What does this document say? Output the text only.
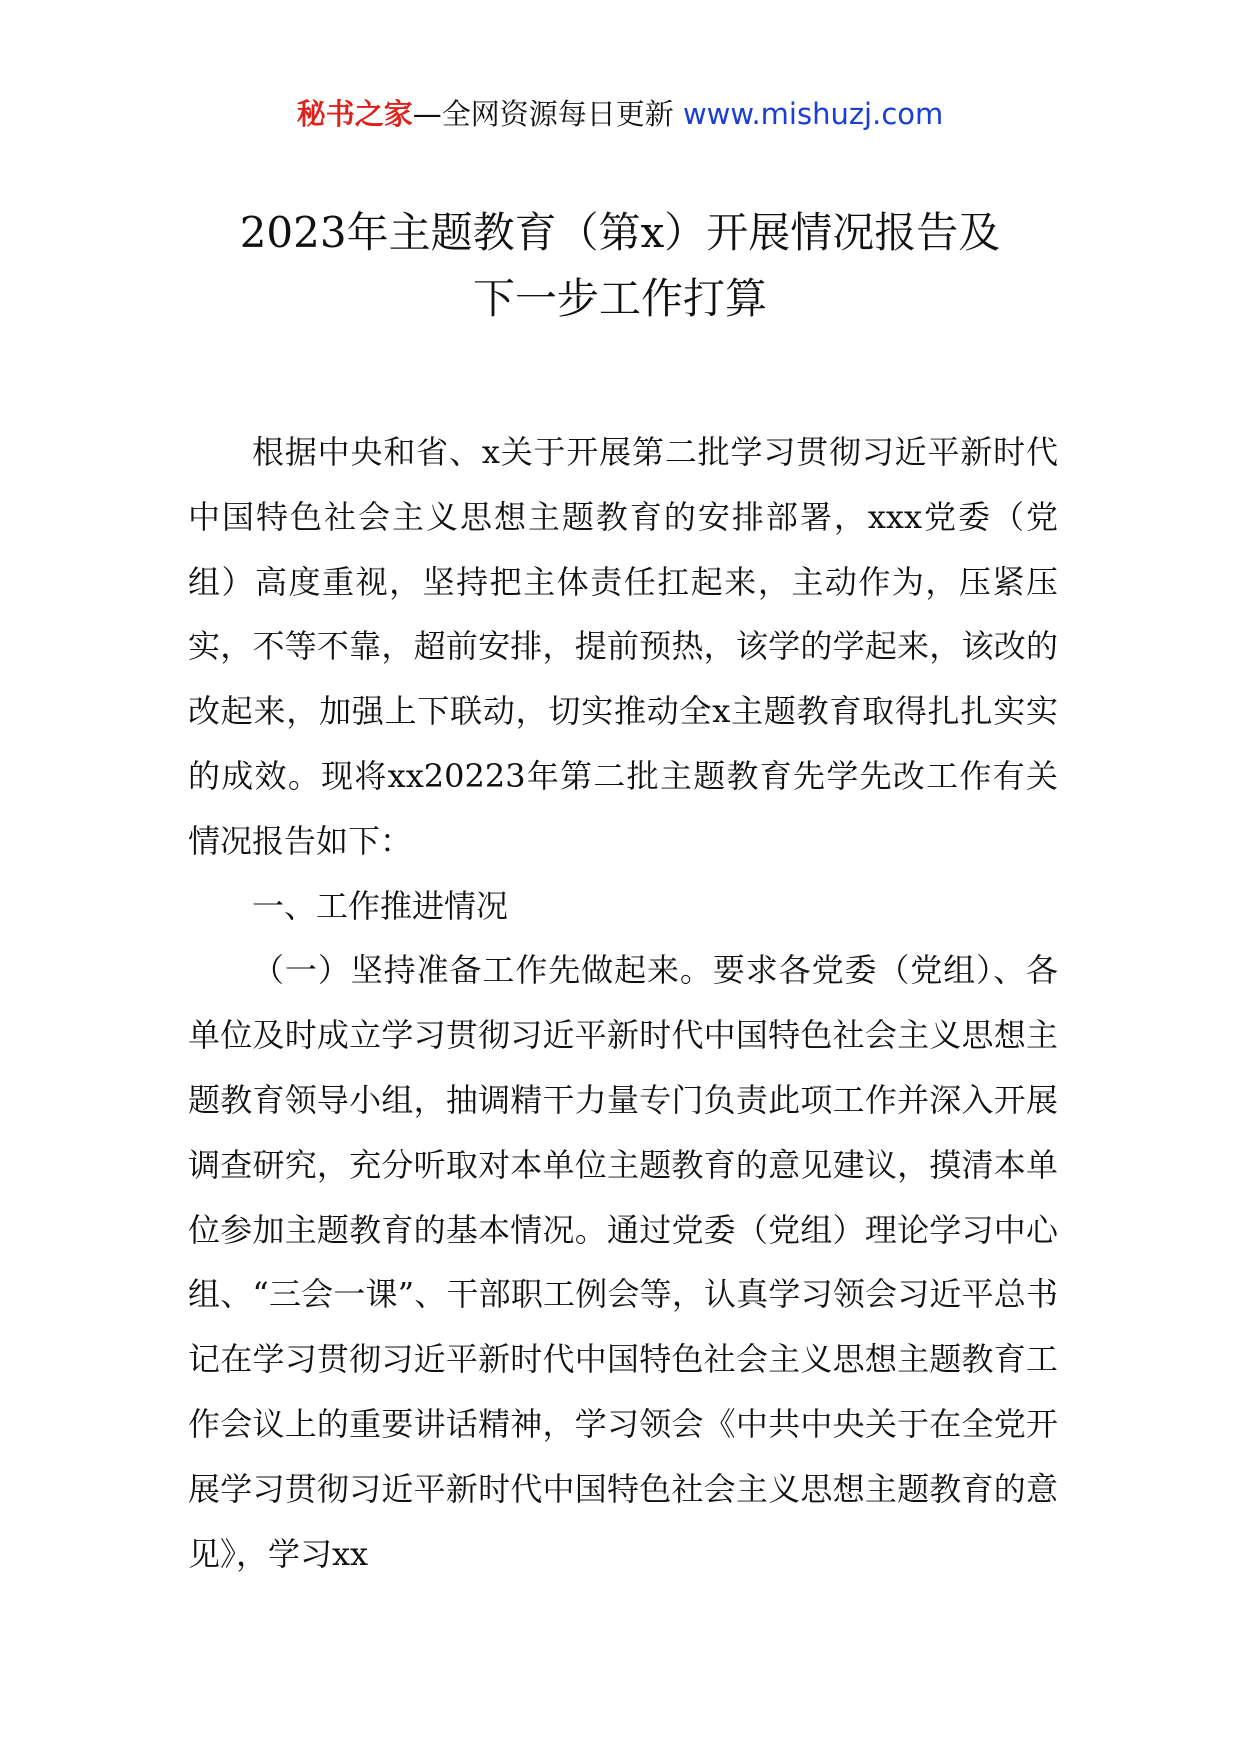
秘书之家—全网资源每日更新 www.mishuzj.com
2023年主题教育（第x）开展情况报告及
下一步工作打算

根据中央和省、x关于开展第二批学习贯彻习近平新时代中国特色社会主义思想主题教育的安排部署，xxx党委（党组）高度重视，坚持把主体责任扛起来，主动作为，压紧压实，不等不靠，超前安排，提前预热，该学的学起来，该改的改起来，加强上下联动，切实推动全x主题教育取得扎扎实实的成效。现将xx20223年第二批主题教育先学先改工作有关情况报告如下：

一、工作推进情况

（一）坚持准备工作先做起来。要求各党委（党组）、各单位及时成立学习贯彻习近平新时代中国特色社会主义思想主题教育领导小组，抽调精干力量专门负责此项工作并深入开展调查研究，充分听取对本单位主题教育的意见建议，摸清本单位参加主题教育的基本情况。通过党委（党组）理论学习中心组、“三会一课”、干部职工例会等，认真学习领会习近平总书记在学习贯彻习近平新时代中国特色社会主义思想主题教育工作会议上的重要讲话精神，学习领会《中共中央关于在全党开展学习贯彻习近平新时代中国特色社会主义思想主题教育的意见》，学习xx
